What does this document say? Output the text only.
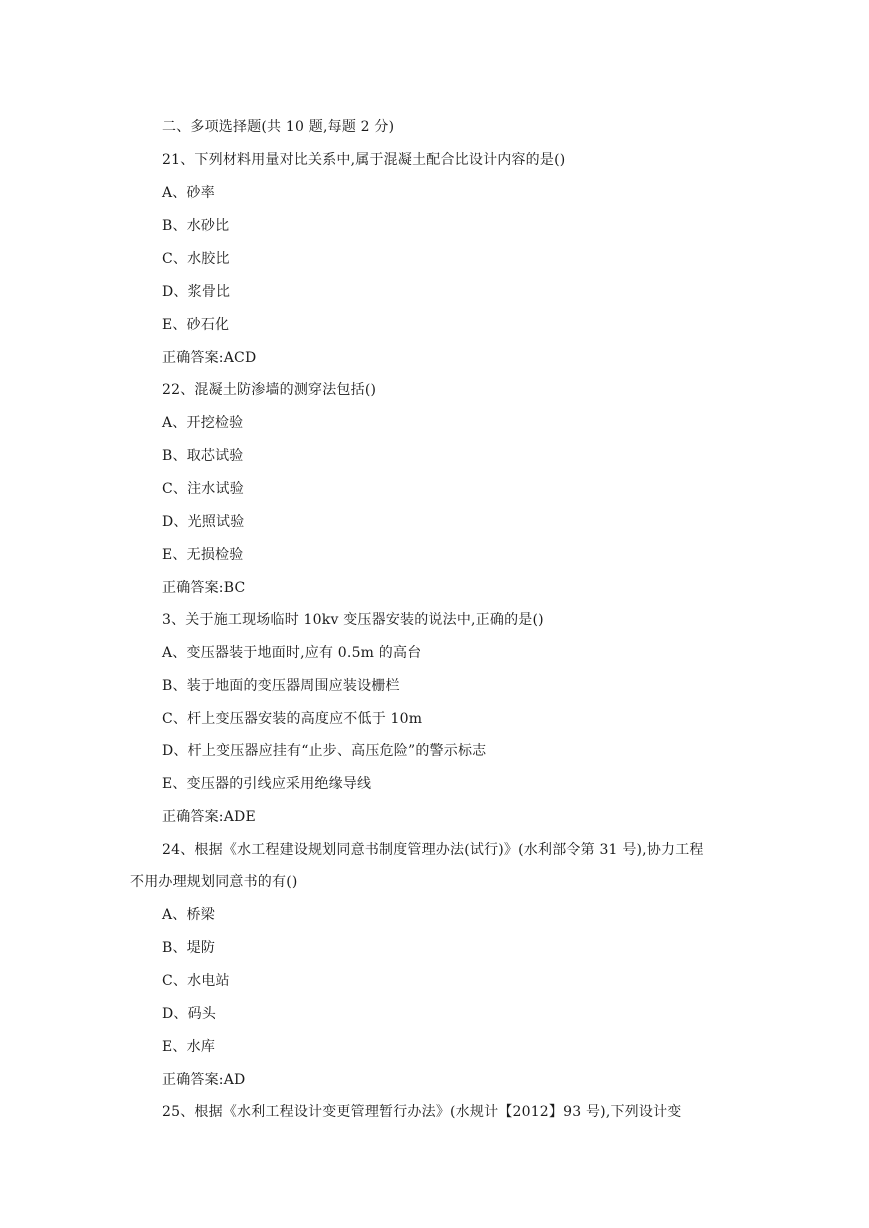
二、多项选择题(共 10 题,每题 2 分)
21、下列材料用量对比关系中,属于混凝土配合比设计内容的是()
A、砂率
B、水砂比
C、水胶比
D、浆骨比
E、砂石化
正确答案:ACD
22、混凝土防渗墙的测穿法包括()
A、开挖检验
B、取芯试验
C、注水试验
D、光照试验
E、无损检验
正确答案:BC
3、关于施工现场临时 10kv 变压器安装的说法中,正确的是()
A、变压器装于地面时,应有 0.5m 的高台
B、装于地面的变压器周围应装设栅栏
C、杆上变压器安装的高度应不低于 10m
D、杆上变压器应挂有“止步、高压危险”的警示标志
E、变压器的引线应采用绝缘导线
正确答案:ADE
24、根据《水工程建设规划同意书制度管理办法(试行)》(水利部令第 31 号),协力工程
不用办理规划同意书的有()
A、桥梁
B、堤防
C、水电站
D、码头
E、水库
正确答案:AD
25、根据《水利工程设计变更管理暂行办法》(水规计【2012】93 号),下列设计变
